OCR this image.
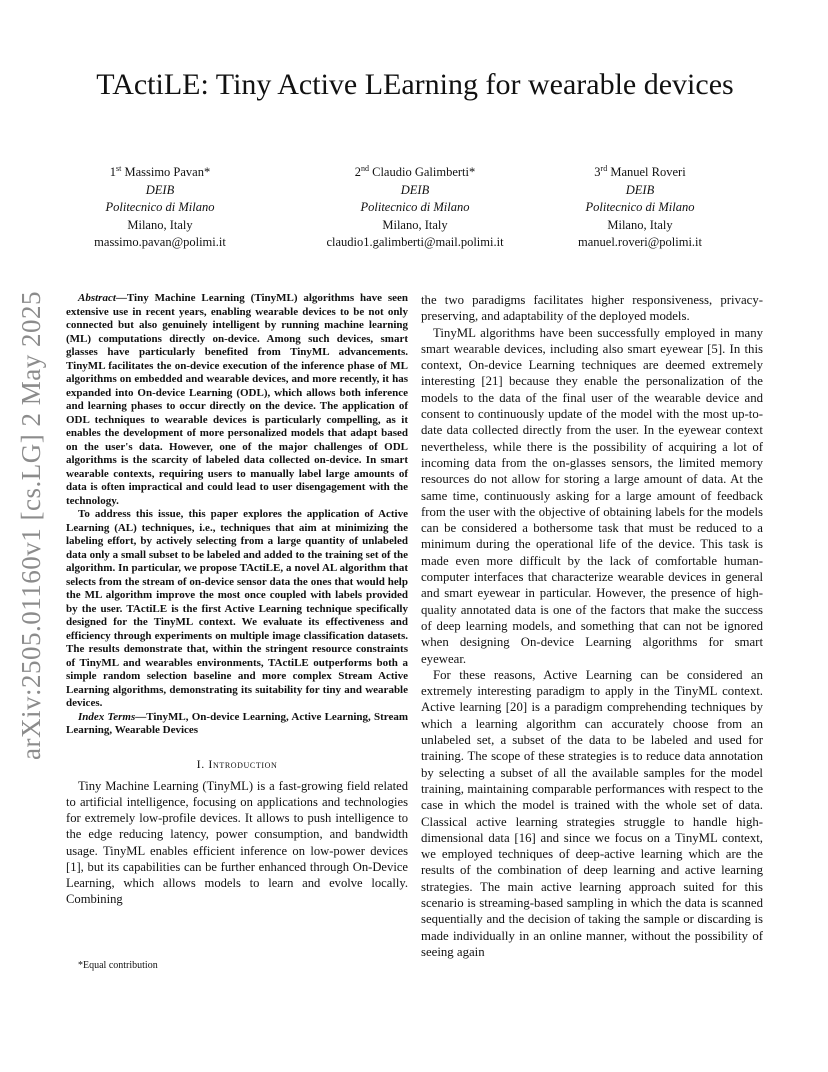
arXiv:2505.01160v1 [cs.LG] 2 May 2025
TActiLE: Tiny Active LEarning for wearable devices
1st Massimo Pavan*
DEIB
Politecnico di Milano
Milano, Italy
massimo.pavan@polimi.it
2nd Claudio Galimberti*
DEIB
Politecnico di Milano
Milano, Italy
claudio1.galimberti@mail.polimi.it
3rd Manuel Roveri
DEIB
Politecnico di Milano
Milano, Italy
manuel.roveri@polimi.it

Abstract—Tiny Machine Learning (TinyML) algorithms have seen extensive use in recent years, enabling wearable devices to be not only connected but also genuinely intelligent by running machine learning (ML) computations directly on-device. Among such devices, smart glasses have particularly benefited from TinyML advancements. TinyML facilitates the on-device execution of the inference phase of ML algorithms on embedded and wearable devices, and more recently, it has expanded into On-device Learning (ODL), which allows both inference and learning phases to occur directly on the device. The application of ODL techniques to wearable devices is particularly compelling, as it enables the development of more personalized models that adapt based on the user's data. However, one of the major challenges of ODL algorithms is the scarcity of labeled data collected on-device. In smart wearable contexts, requiring users to manually label large amounts of data is often impractical and could lead to user disengagement with the technology.

To address this issue, this paper explores the application of Active Learning (AL) techniques, i.e., techniques that aim at minimizing the labeling effort, by actively selecting from a large quantity of unlabeled data only a small subset to be labeled and added to the training set of the algorithm. In particular, we propose TActiLE, a novel AL algorithm that selects from the stream of on-device sensor data the ones that would help the ML algorithm improve the most once coupled with labels provided by the user. TActiLE is the first Active Learning technique specifically designed for the TinyML context. We evaluate its effectiveness and efficiency through experiments on multiple image classification datasets. The results demonstrate that, within the stringent resource constraints of TinyML and wearables environments, TActiLE outperforms both a simple random selection baseline and more complex Stream Active Learning algorithms, demonstrating its suitability for tiny and wearable devices.

Index Terms—TinyML, On-device Learning, Active Learning, Stream Learning, Wearable Devices

I. Introduction

Tiny Machine Learning (TinyML) is a fast-growing field related to artificial intelligence, focusing on applications and technologies for extremely low-profile devices. It allows to push intelligence to the edge reducing latency, power consumption, and bandwidth usage. TinyML enables efficient inference on low-power devices [1], but its capabilities can be further enhanced through On-Device Learning, which allows models to learn and evolve locally. Combining

the two paradigms facilitates higher responsiveness, privacy-preserving, and adaptability of the deployed models.

TinyML algorithms have been successfully employed in many smart wearable devices, including also smart eyewear [5]. In this context, On-device Learning techniques are deemed extremely interesting [21] because they enable the personalization of the models to the data of the final user of the wearable device and consent to continuously update of the model with the most up-to-date data collected directly from the user. In the eyewear context nevertheless, while there is the possibility of acquiring a lot of incoming data from the on-glasses sensors, the limited memory resources do not allow for storing a large amount of data. At the same time, continuously asking for a large amount of feedback from the user with the objective of obtaining labels for the models can be considered a bothersome task that must be reduced to a minimum during the operational life of the device. This task is made even more difficult by the lack of comfortable human-computer interfaces that characterize wearable devices in general and smart eyewear in particular. However, the presence of high-quality annotated data is one of the factors that make the success of deep learning models, and something that can not be ignored when designing On-device Learning algorithms for smart eyewear.

For these reasons, Active Learning can be considered an extremely interesting paradigm to apply in the TinyML context. Active learning [20] is a paradigm comprehending techniques by which a learning algorithm can accurately choose from an unlabeled set, a subset of the data to be labeled and used for training. The scope of these strategies is to reduce data annotation by selecting a subset of all the available samples for the model training, maintaining comparable performances with respect to the case in which the model is trained with the whole set of data. Classical active learning strategies struggle to handle high-dimensional data [16] and since we focus on a TinyML context, we employed techniques of deep-active learning which are the results of the combination of deep learning and active learning strategies. The main active learning approach suited for this scenario is streaming-based sampling in which the data is scanned sequentially and the decision of taking the sample or discarding is made individually in an online manner, without the possibility of seeing again

*Equal contribution
